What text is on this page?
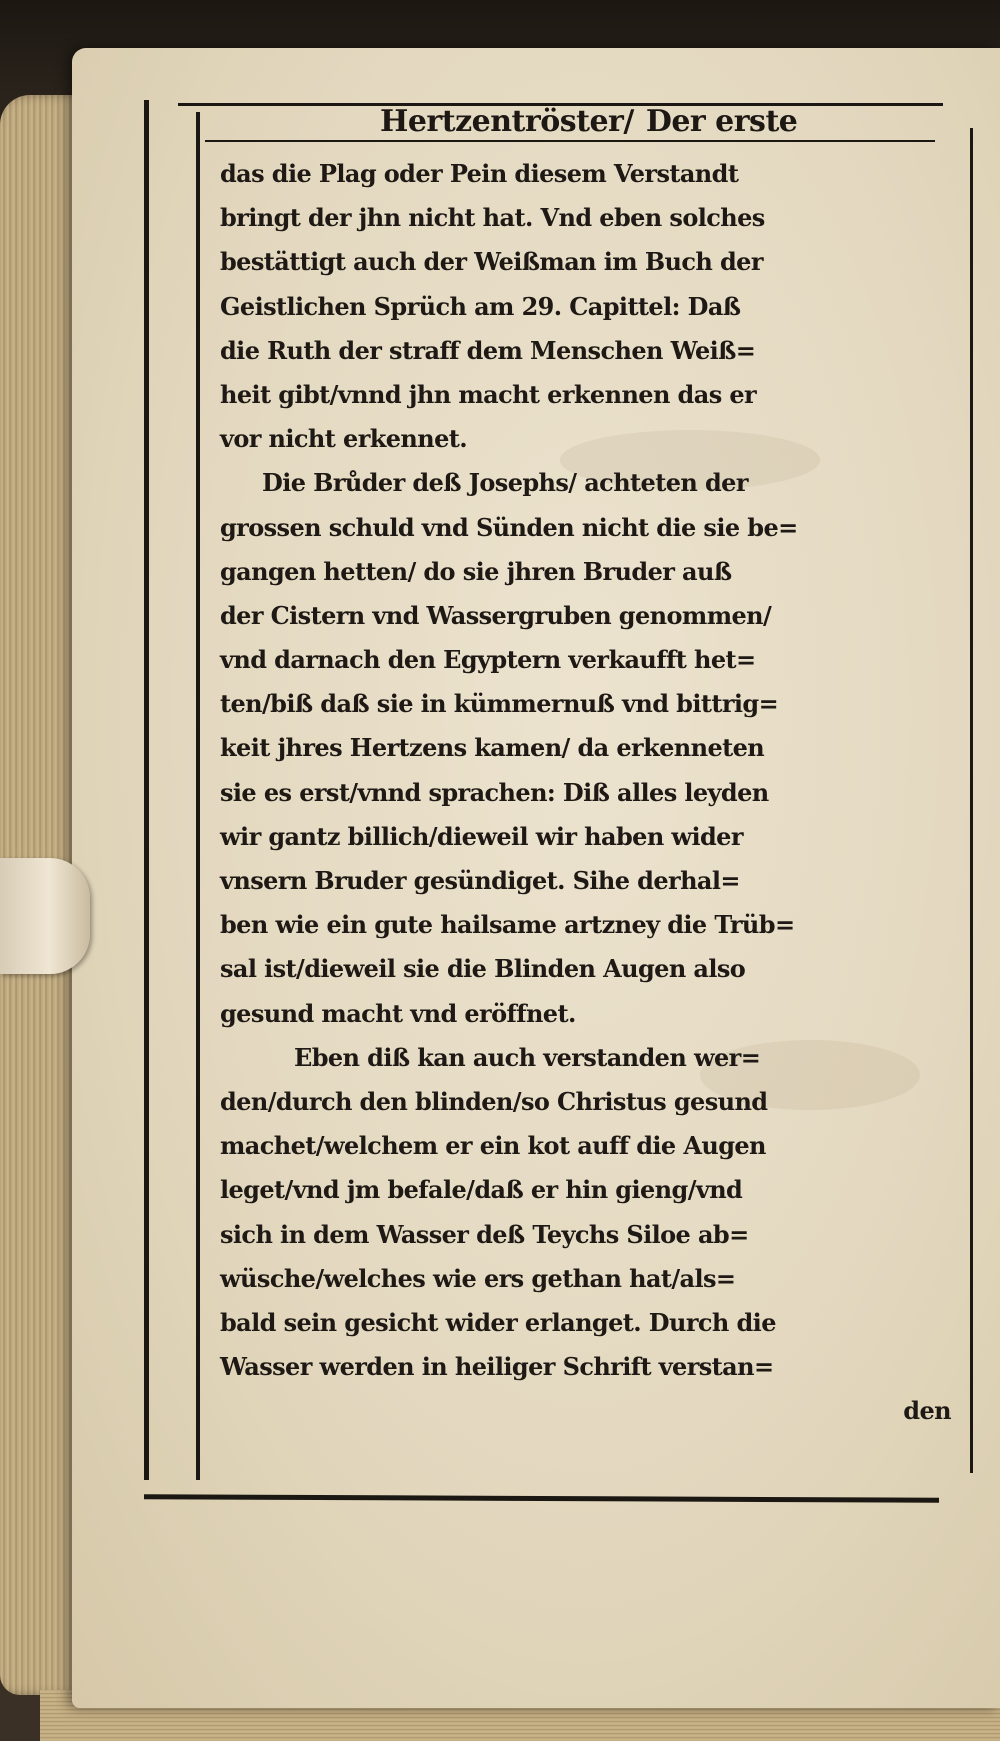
Hertzentröster/ Der erste
das die Plag oder Pein diesem Verstandt
bringt der jhn nicht hat. Vnd eben solches
bestättigt auch der Weißman im Buch der
Geistlichen Sprüch am 29. Capittel: Daß
die Ruth der straff dem Menschen Weiß=
heit gibt/vnnd jhn macht erkennen das er
vor nicht erkennet.
Die Brůder deß Josephs/ achteten der
grossen schuld vnd Sünden nicht die sie be=
gangen hetten/ do sie jhren Bruder auß
der Cistern vnd Wassergruben genommen/
vnd darnach den Egyptern verkaufft het=
ten/biß daß sie in kümmernuß vnd bittrig=
keit jhres Hertzens kamen/ da erkenneten
sie es erst/vnnd sprachen: Diß alles leyden
wir gantz billich/dieweil wir haben wider
vnsern Bruder gesündiget. Sihe derhal=
ben wie ein gute hailsame artzney die Trüb=
sal ist/dieweil sie die Blinden Augen also
gesund macht vnd eröffnet.
Eben diß kan auch verstanden wer=
den/durch den blinden/so Christus gesund
machet/welchem er ein kot auff die Augen
leget/vnd jm befale/daß er hin gieng/vnd
sich in dem Wasser deß Teychs Siloe ab=
wüsche/welches wie ers gethan hat/als=
bald sein gesicht wider erlanget. Durch die
Wasser werden in heiliger Schrift verstan=
den
